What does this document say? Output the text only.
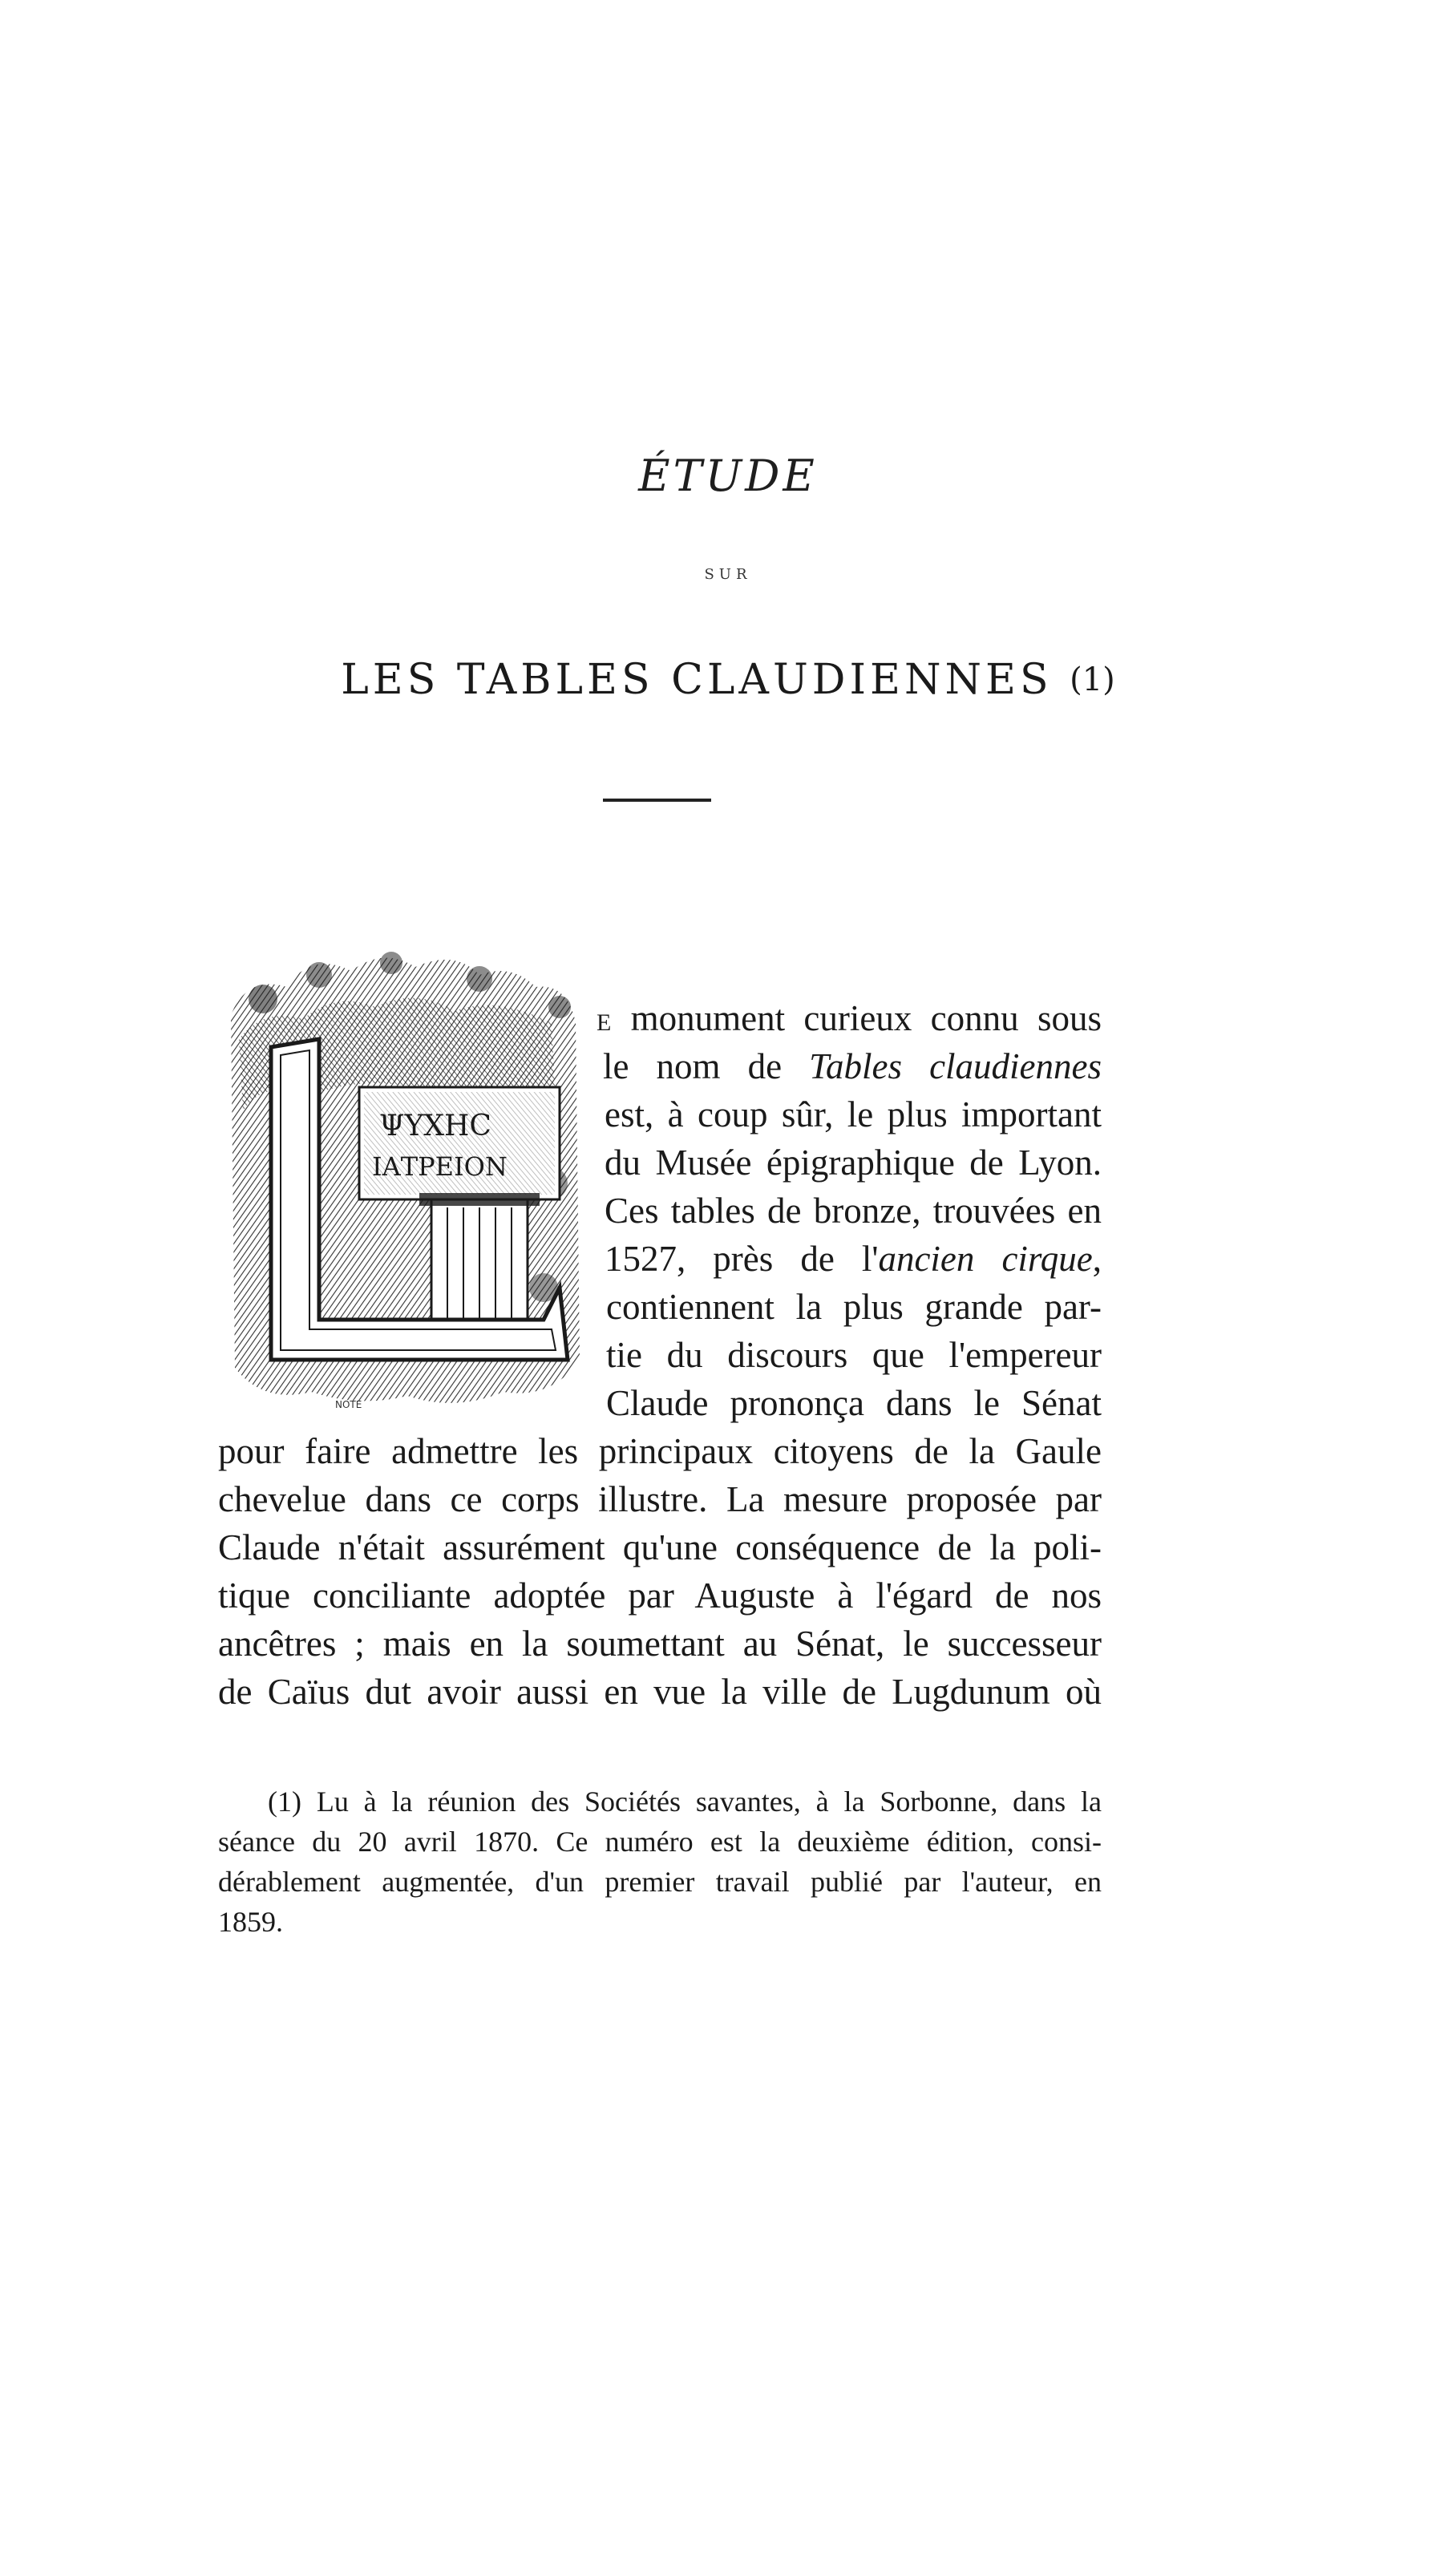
ÉTUDE
SUR
LES TABLES CLAUDIENNES (1)
ΨΥΧΗC
ΙΑΤΡΕΙΟΝ
NOTE
E monument curieux connu sous
le nom de Tables claudiennes
est, à coup sûr, le plus important
du Musée épigraphique de Lyon.
Ces tables de bronze, trouvées en
1527, près de l'ancien cirque,
contiennent la plus grande par-
tie du discours que l'empereur
Claude prononça dans le Sénat
pour faire admettre les principaux citoyens de la Gaule
chevelue dans ce corps illustre. La mesure proposée par
Claude n'était assurément qu'une conséquence de la poli-
tique conciliante adoptée par Auguste à l'égard de nos
ancêtres ; mais en la soumettant au Sénat, le successeur
de Caïus dut avoir aussi en vue la ville de Lugdunum où
(1) Lu à la réunion des Sociétés savantes, à la Sorbonne, dans la
séance du 20 avril 1870. Ce numéro est la deuxième édition, consi-
dérablement augmentée, d'un premier travail publié par l'auteur, en
1859.
